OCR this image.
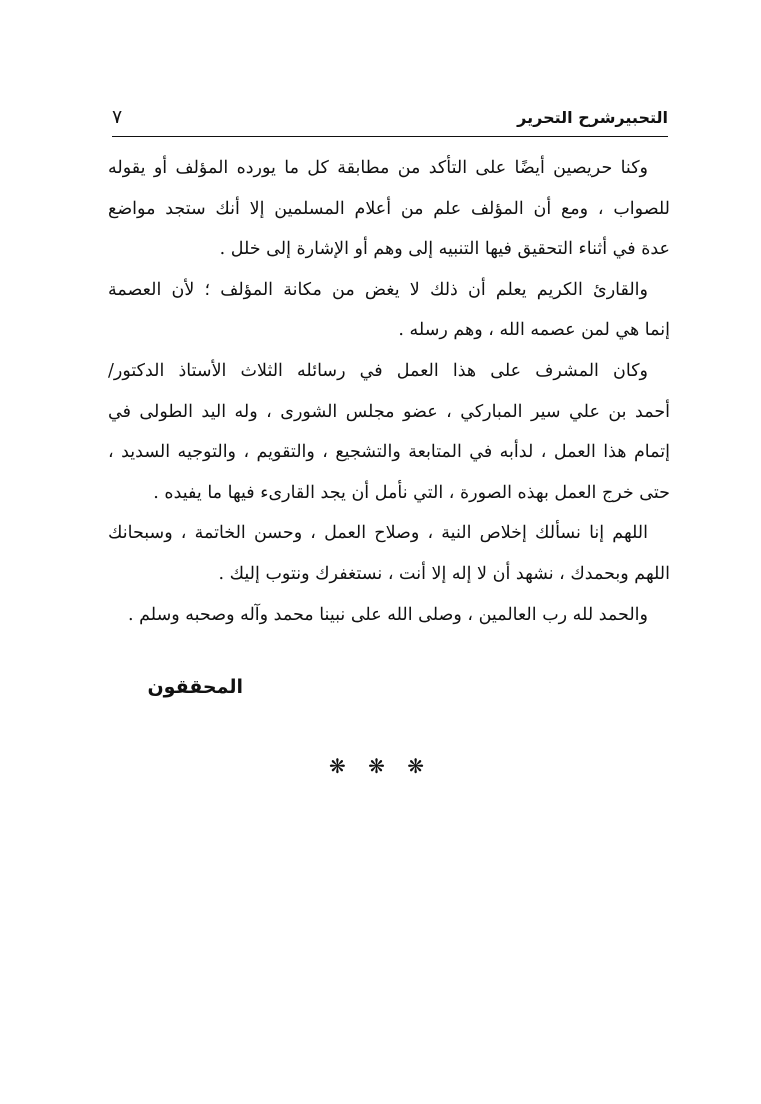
التحبيرشرح التحرير
٧
وكنا حريصين أيضًا على التأكد من مطابقة كل ما يورده المؤلف أو يقوله
للصواب ، ومع أن المؤلف علم من أعلام المسلمين إلا أنك ستجد مواضع
عدة في أثناء التحقيق فيها التنبيه إلى وهم أو الإشارة إلى خلل .
والقارئ الكريم يعلم أن ذلك لا يغض من مكانة المؤلف ؛ لأن العصمة
إنما هي لمن عصمه الله ، وهم رسله .
وكان المشرف على هذا العمل في رسائله الثلاث الأستاذ الدكتور/
أحمد بن علي سير المباركي ، عضو مجلس الشورى ، وله اليد الطولى في
إتمام هذا العمل ، لدأبه في المتابعة والتشجيع ، والتقويم ، والتوجيه السديد ،
حتى خرج العمل بهذه الصورة ، التي نأمل أن يجد القارىء فيها ما يفيده .
اللهم إنا نسألك إخلاص النية ، وصلاح العمل ، وحسن الخاتمة ، وسبحانك
اللهم وبحمدك ، نشهد أن لا إله إلا أنت ، نستغفرك ونتوب إليك .
والحمد لله رب العالمين ، وصلى الله على نبينا محمد وآله وصحبه وسلم .
المحققون
❋ ❋ ❋
